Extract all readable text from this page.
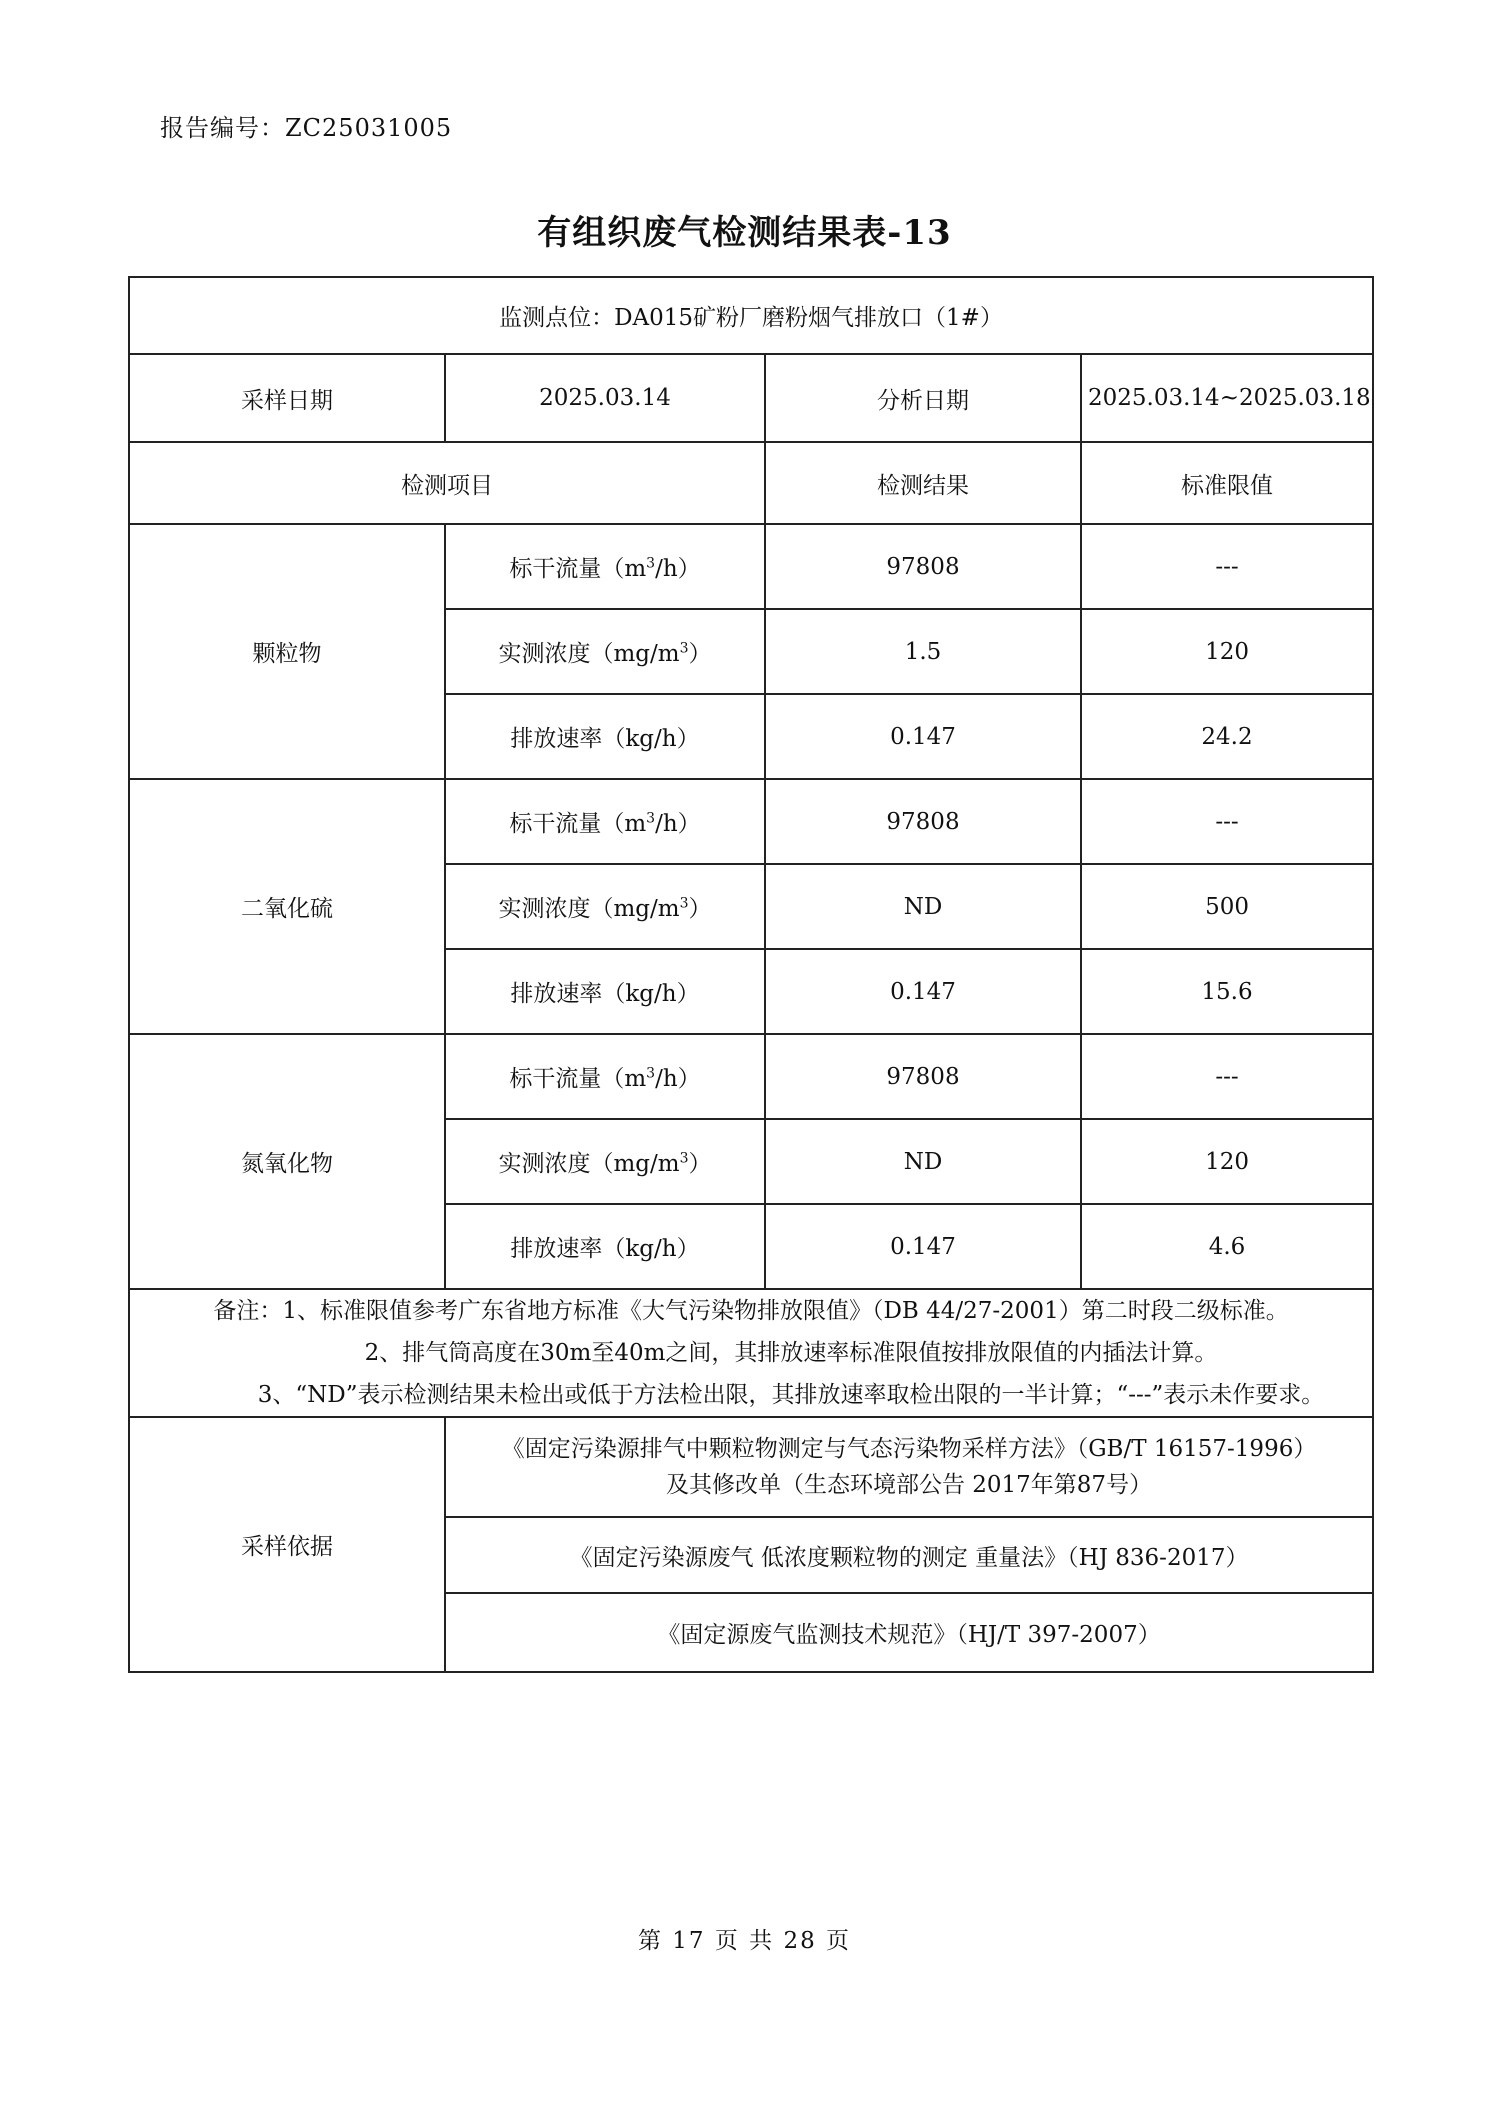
报告编号：ZC25031005
有组织废气检测结果表-13
监测点位：DA015矿粉厂磨粉烟气排放口（1#）			
采样日期	2025.03.14	分析日期	2025.03.14~2025.03.18
检测项目		检测结果	标准限值
颗粒物	标干流量$(m^3/h)$	97808	---
	实测浓度$(mg/m^3)$	1.5	120
	排放速率（kg/h）	0.147	24.2
二氧化硫	标干流量$(m^3/h)$	97808	---
	实测浓度$(mg/m^3)$	ND	500
	排放速率（kg/h）	0.147	15.6
氮氧化物	标干流量$(m^3/h)$	97808	---
	实测浓度$(mg/m^3)$	ND	120
	排放速率（kg/h）	0.147	4.6

备注：1、标准限值参考广东省地方标准《大气污染物排放限值》（DB 44/27-2001）第二时段二级标准。
2、排气筒高度在30m至40m之间，其排放速率标准限值按排放限值的内插法计算。
3、“ND”表示检测结果未检出或低于方法检出限，其排放速率取检出限的一半计算；“---”表示未作要求。			

采样依据	《固定污染源排气中颗粒物测定与气态污染物采样方法》（GB/T 16157-1996）
及其修改单（生态环境部公告 2017年第87号）		

	《固定污染源废气 低浓度颗粒物的测定 重量法》（HJ 836-2017）		
	《固定源废气监测技术规范》（HJ/T 397-2007）		
第 17 页 共 28 页
